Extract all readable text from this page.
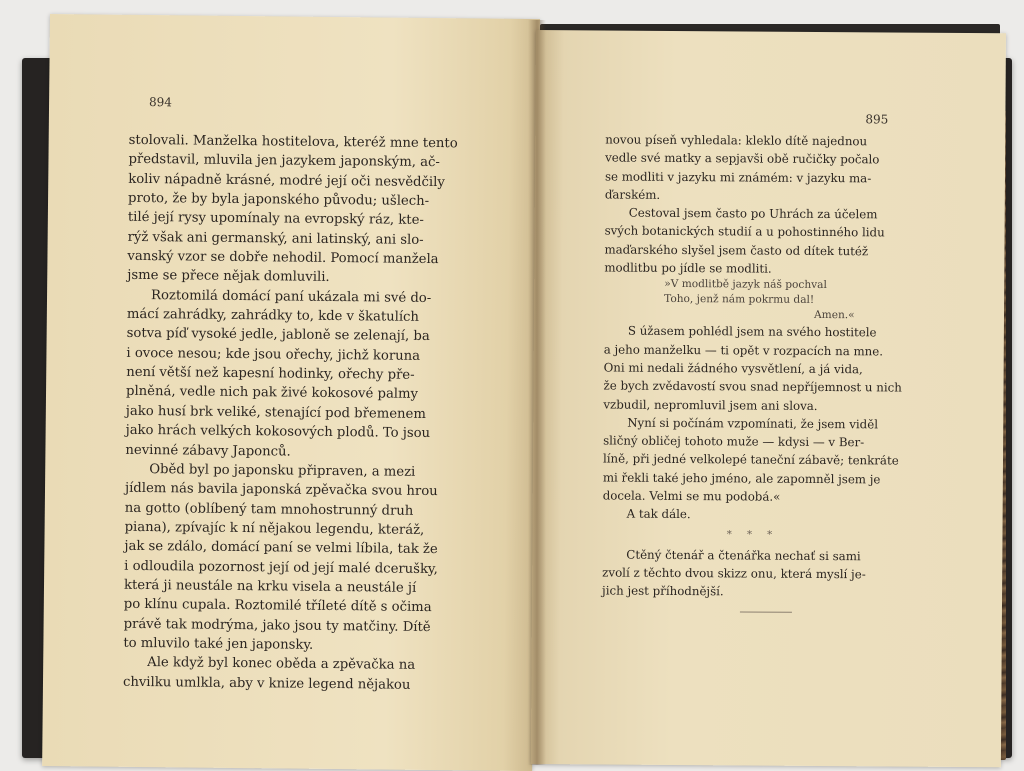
894
stolovali. Manželka hostitelova, kteréž mne tento
představil, mluvila jen jazykem japonským, ač-
koliv nápadně krásné, modré její oči nesvědčily
proto, že by byla japonského původu; ušlech-
tilé její rysy upomínaly na evropský ráz, kte-
rýž však ani germanský, ani latinský, ani slo-
vanský vzor se dobře nehodil. Pomocí manžela
jsme se přece nějak domluvili.
Roztomilá domácí paní ukázala mi své do-
mácí zahrádky, zahrádky to, kde v škatulích
sotva píď vysoké jedle, jabloně se zelenají, ba
i ovoce nesou; kde jsou ořechy, jichž koruna
není větší než kapesní hodinky, ořechy pře-
plněná, vedle nich pak živé kokosové palmy
jako husí brk veliké, stenající pod břemenem
jako hrách velkých kokosových plodů. To jsou
nevinné zábavy Japonců.
Oběd byl po japonsku připraven, a mezi
jídlem nás bavila japonská zpěvačka svou hrou
na gotto (oblíbený tam mnohostrunný druh
piana), zpívajíc k ní nějakou legendu, kteráž,
jak se zdálo, domácí paní se velmi líbila, tak že
i odloudila pozornost její od její malé dcerušky,
která ji neustále na krku visela a neustále jí
po klínu cupala. Roztomilé tříleté dítě s očima
právě tak modrýma, jako jsou ty matčiny. Dítě
to mluvilo také jen japonsky.
Ale když byl konec oběda a zpěvačka na
chvilku umlkla, aby v knize legend nějakou
895
novou píseň vyhledala: kleklo dítě najednou
vedle své matky a sepjavši obě ručičky počalo
se modliti v jazyku mi známém: v jazyku ma-
ďarském.
Cestoval jsem často po Uhrách za účelem
svých botanických studií a u pohostinného lidu
maďarského slyšel jsem často od dítek tutéž
modlitbu po jídle se modliti.
»V modlitbě jazyk náš pochval
Toho, jenž nám pokrmu dal!
Amen.«
S úžasem pohlédl jsem na svého hostitele
a jeho manželku — ti opět v rozpacích na mne.
Oni mi nedali žádného vysvětlení, a já vida,
že bych zvědavostí svou snad nepříjemnost u nich
vzbudil, nepromluvil jsem ani slova.
Nyní si počínám vzpomínati, že jsem viděl
sličný obličej tohoto muže — kdysi — v Ber-
líně, při jedné velkolepé taneční zábavě; tenkráte
mi řekli také jeho jméno, ale zapomněl jsem je
docela. Velmi se mu podobá.«
A tak dále.
* * *
Ctěný čtenář a čtenářka nechať si sami
zvolí z těchto dvou skizz onu, která myslí je-
jich jest příhodnější.
